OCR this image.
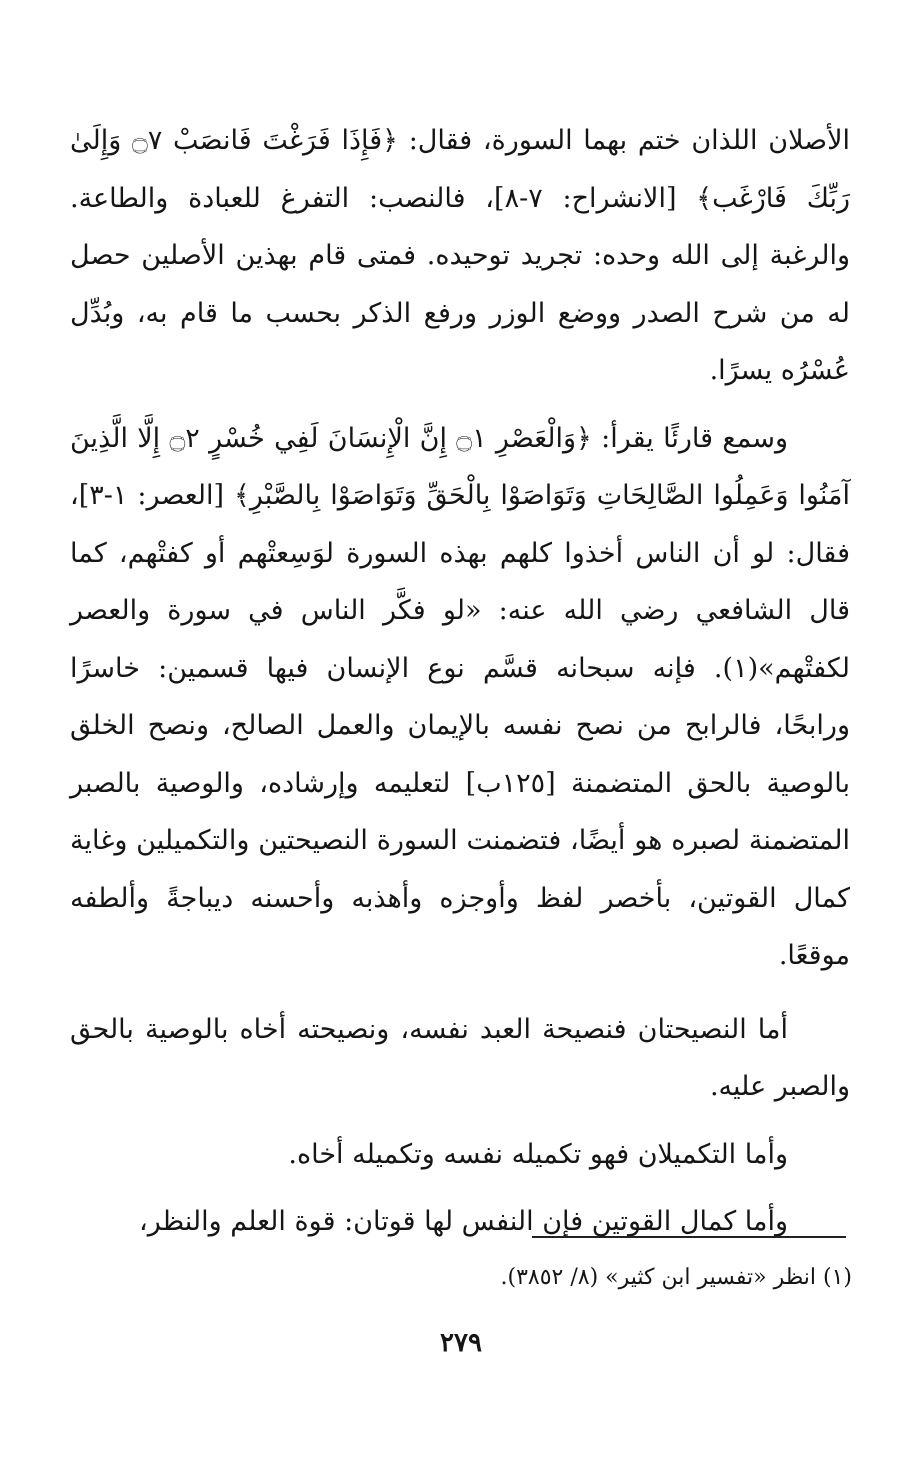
الأصلان اللذان ختم بهما السورة، فقال: ﴿فَإِذَا فَرَغْتَ فَانصَبْ ۝٧ وَإِلَىٰ رَبِّكَ فَارْغَب﴾ [الانشراح: ٧-٨]، فالنصب: التفرغ للعبادة والطاعة. والرغبة إلى الله وحده: تجريد توحيده. فمتى قام بهذين الأصلين حصل له من شرح الصدر ووضع الوزر ورفع الذكر بحسب ما قام به، وبُدِّل عُسْرُه يسرًا.

وسمع قارئًا يقرأ: ﴿وَالْعَصْرِ ۝١ إِنَّ الْإِنسَانَ لَفِي خُسْرٍ ۝٢ إِلَّا الَّذِينَ آمَنُوا وَعَمِلُوا الصَّالِحَاتِ وَتَوَاصَوْا بِالْحَقِّ وَتَوَاصَوْا بِالصَّبْرِ﴾ [العصر: ١-٣]، فقال: لو أن الناس أخذوا كلهم بهذه السورة لوَسِعتْهم أو كفتْهم، كما قال الشافعي رضي الله عنه: «لو فكَّر الناس في سورة والعصر لكفتْهم»(١). فإنه سبحانه قسَّم نوع الإنسان فيها قسمين: خاسرًا ورابحًا، فالرابح من نصح نفسه بالإيمان والعمل الصالح، ونصح الخلق بالوصية بالحق المتضمنة [١٢٥ب] لتعليمه وإرشاده، والوصية بالصبر المتضمنة لصبره هو أيضًا، فتضمنت السورة النصيحتين والتكميلين وغاية كمال القوتين، بأخصر لفظ وأوجزه وأهذبه وأحسنه ديباجةً وألطفه موقعًا.

أما النصيحتان فنصيحة العبد نفسه، ونصيحته أخاه بالوصية بالحق والصبر عليه.

وأما التكميلان فهو تكميله نفسه وتكميله أخاه.

وأما كمال القوتين فإن النفس لها قوتان: قوة العلم والنظر،

(١) انظر «تفسير ابن كثير» (٨/ ٣٨٥٢).
٢٧٩
